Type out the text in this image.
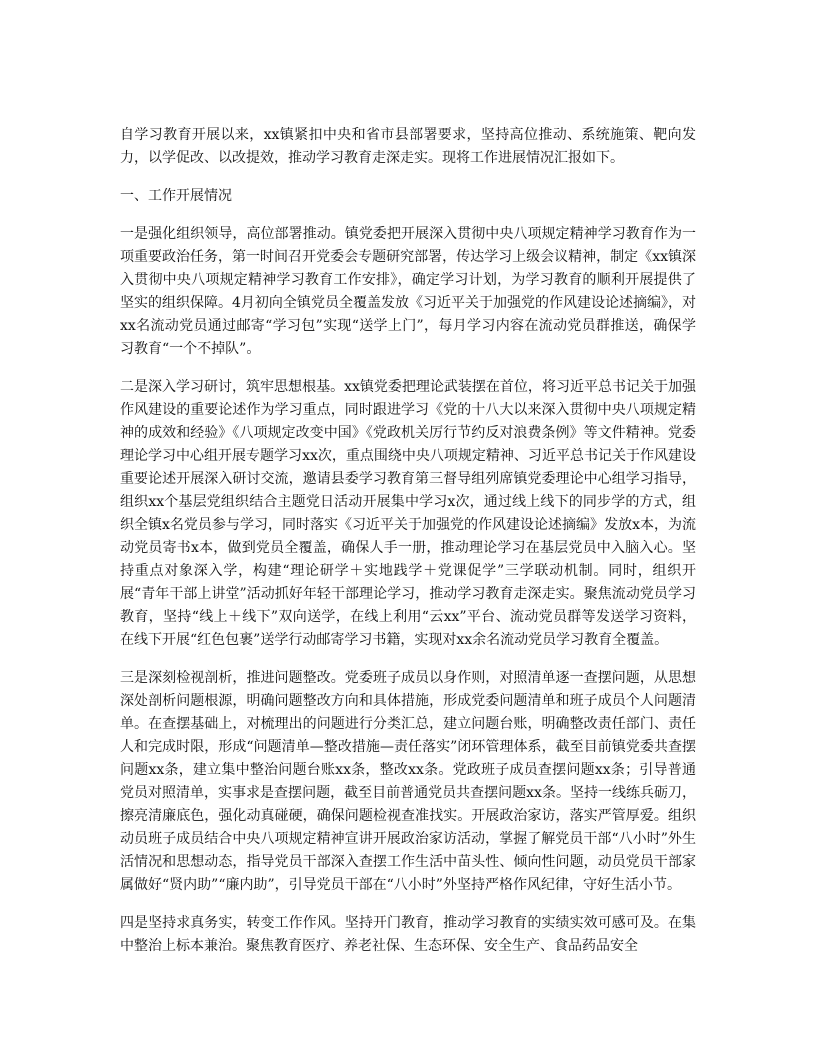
自学习教育开展以来，xx镇紧扣中央和省市县部署要求，坚持高位推动、系统施策、靶向发力，以学促改、以改提效，推动学习教育走深走实。现将工作进展情况汇报如下。

一、工作开展情况

一是强化组织领导，高位部署推动。镇党委把开展深入贯彻中央八项规定精神学习教育作为一项重要政治任务，第一时间召开党委会专题研究部署，传达学习上级会议精神，制定《xx镇深入贯彻中央八项规定精神学习教育工作安排》，确定学习计划，为学习教育的顺利开展提供了坚实的组织保障。4月初向全镇党员全覆盖发放《习近平关于加强党的作风建设论述摘编》，对xx名流动党员通过邮寄“学习包”实现“送学上门”，每月学习内容在流动党员群推送，确保学习教育“一个不掉队”。

二是深入学习研讨，筑牢思想根基。xx镇党委把理论武装摆在首位，将习近平总书记关于加强作风建设的重要论述作为学习重点，同时跟进学习《党的十八大以来深入贯彻中央八项规定精神的成效和经验》《八项规定改变中国》《党政机关厉行节约反对浪费条例》等文件精神。党委理论学习中心组开展专题学习xx次，重点围绕中央八项规定精神、习近平总书记关于作风建设重要论述开展深入研讨交流，邀请县委学习教育第三督导组列席镇党委理论中心组学习指导，组织xx个基层党组织结合主题党日活动开展集中学习x次，通过线上线下的同步学的方式，组织全镇x名党员参与学习，同时落实《习近平关于加强党的作风建设论述摘编》发放x本，为流动党员寄书x本，做到党员全覆盖，确保人手一册，推动理论学习在基层党员中入脑入心。坚持重点对象深入学，构建“理论研学＋实地践学＋党课促学”三学联动机制。同时，组织开展“青年干部上讲堂”活动抓好年轻干部理论学习，推动学习教育走深走实。聚焦流动党员学习教育，坚持“线上＋线下”双向送学，在线上利用“云xx”平台、流动党员群等发送学习资料，在线下开展“红色包裹”送学行动邮寄学习书籍，实现对xx余名流动党员学习教育全覆盖。

三是深刻检视剖析，推进问题整改。党委班子成员以身作则，对照清单逐一查摆问题，从思想深处剖析问题根源，明确问题整改方向和具体措施，形成党委问题清单和班子成员个人问题清单。在查摆基础上，对梳理出的问题进行分类汇总，建立问题台账，明确整改责任部门、责任人和完成时限，形成“问题清单—整改措施—责任落实”闭环管理体系，截至目前镇党委共查摆问题xx条，建立集中整治问题台账xx条，整改xx条。党政班子成员查摆问题xx条；引导普通党员对照清单，实事求是查摆问题，截至目前普通党员共查摆问题xx条。坚持一线练兵砺刀，擦亮清廉底色，强化动真碰硬，确保问题检视查准找实。开展政治家访，落实严管厚爱。组织动员班子成员结合中央八项规定精神宣讲开展政治家访活动，掌握了解党员干部“八小时”外生活情况和思想动态，指导党员干部深入查摆工作生活中苗头性、倾向性问题，动员党员干部家属做好“贤内助”“廉内助”，引导党员干部在“八小时”外坚持严格作风纪律，守好生活小节。

四是坚持求真务实，转变工作作风。坚持开门教育，推动学习教育的实绩实效可感可及。在集中整治上标本兼治。聚焦教育医疗、养老社保、生态环保、安全生产、食品药品安全
